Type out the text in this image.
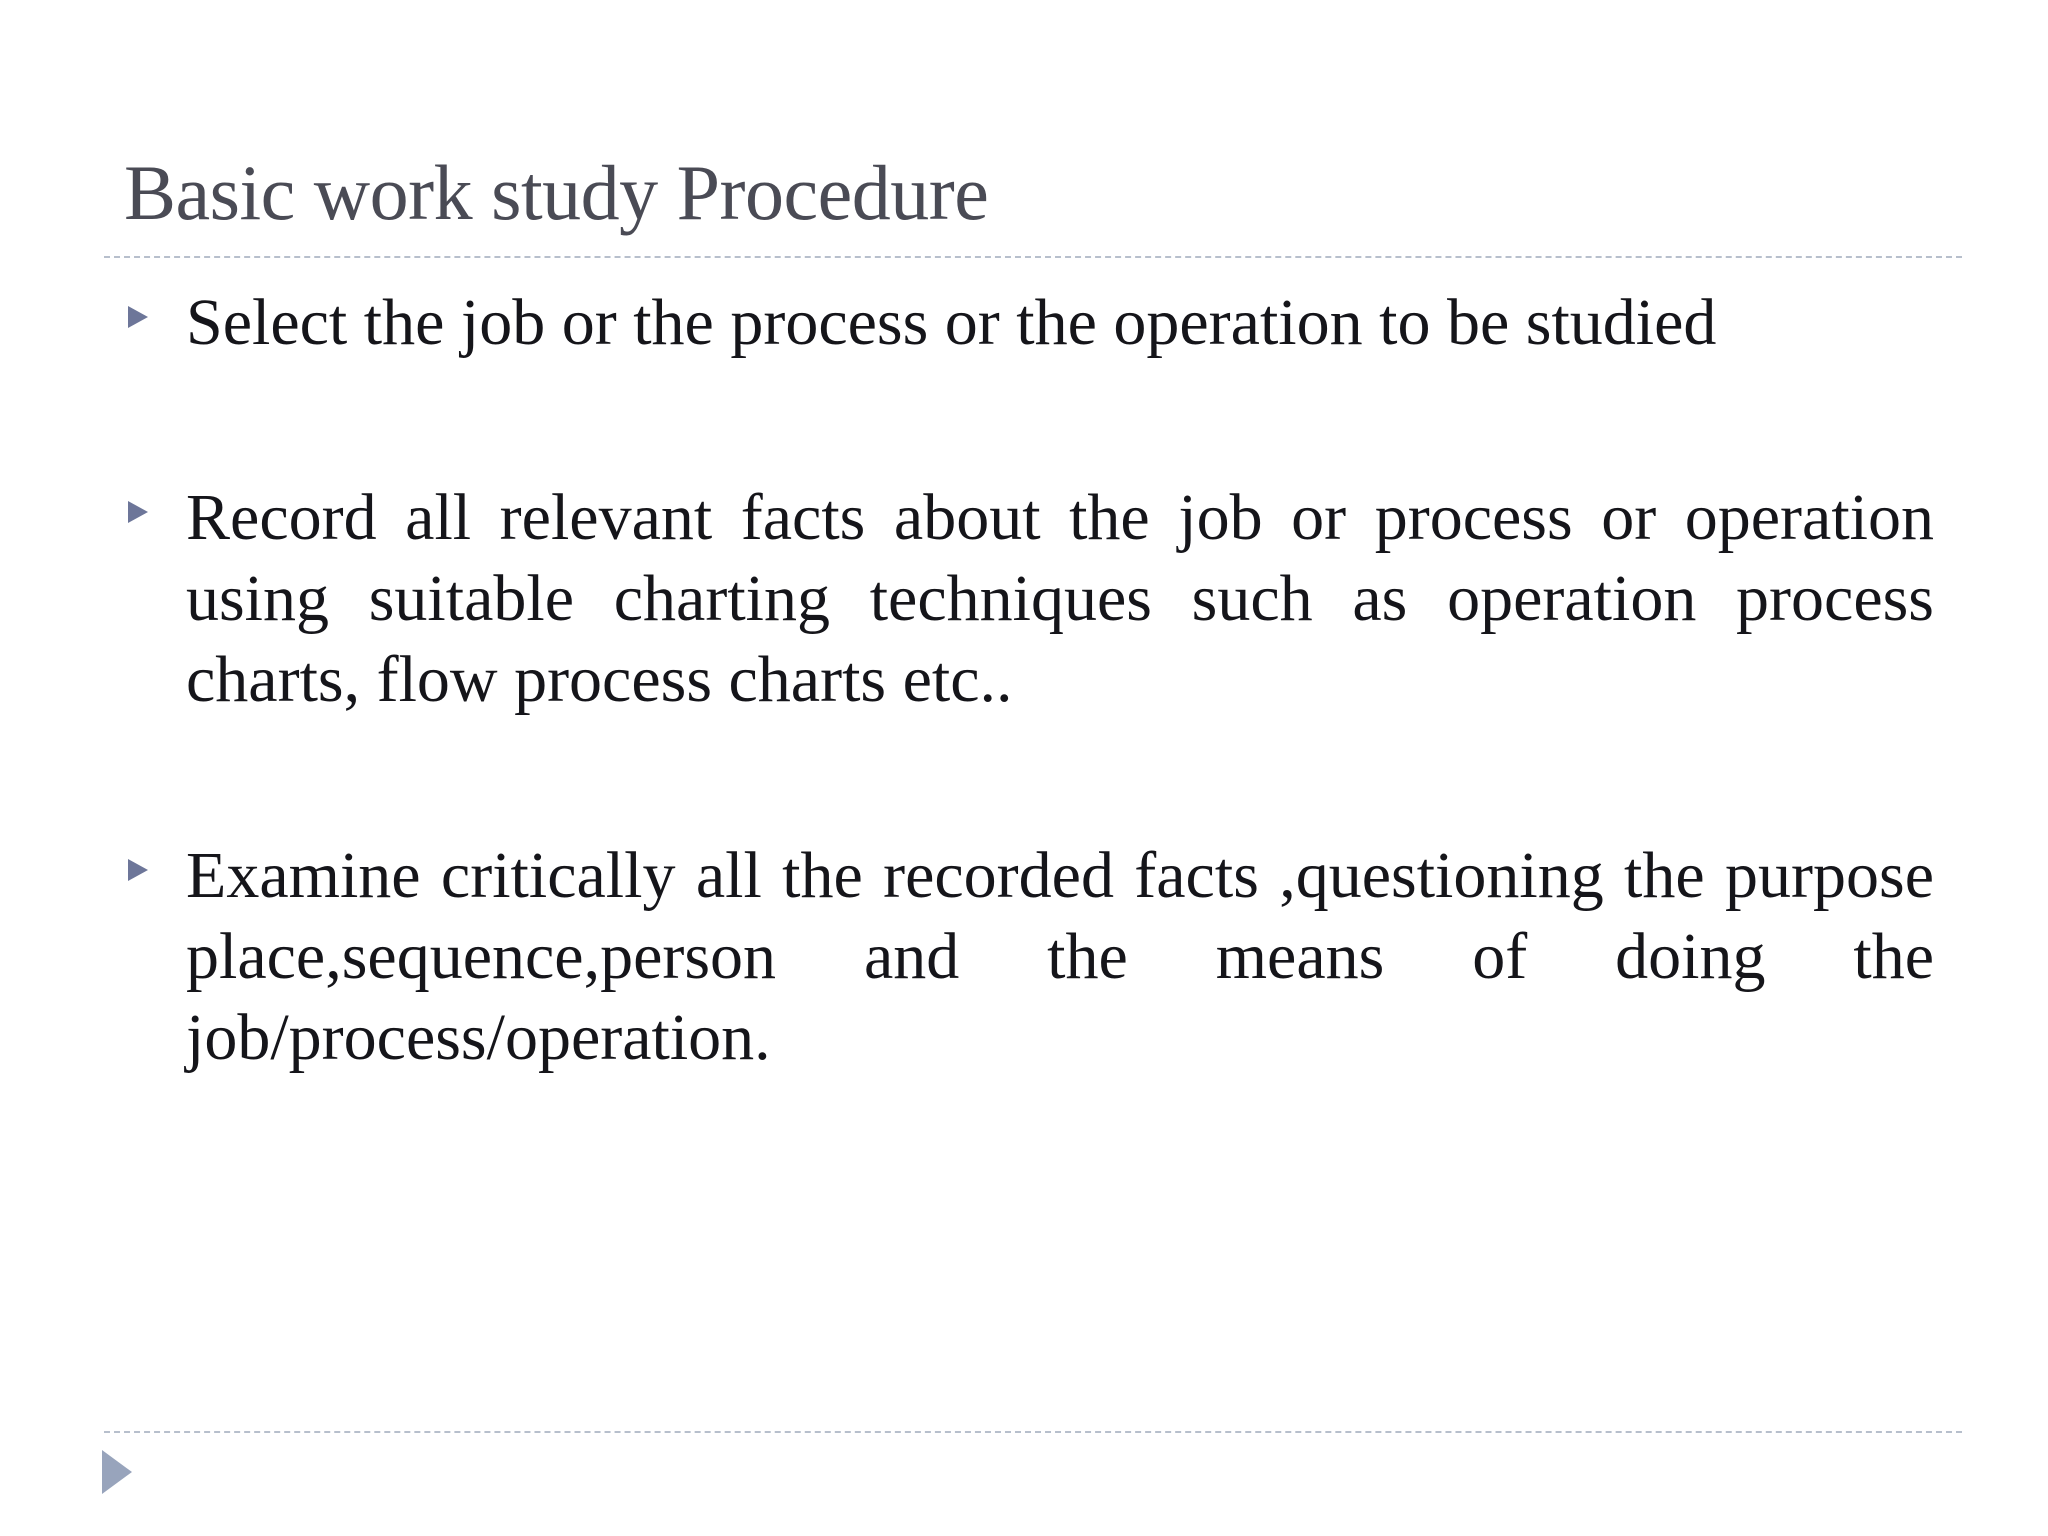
Basic work study Procedure
Select the job or the process or the operation to be studied
Record all relevant facts about the job or process or operation using suitable charting techniques such as operation process charts, flow process charts etc..
Examine critically all the recorded facts ,questioning the purpose place,sequence,person and the means of doing the job/process/operation.
